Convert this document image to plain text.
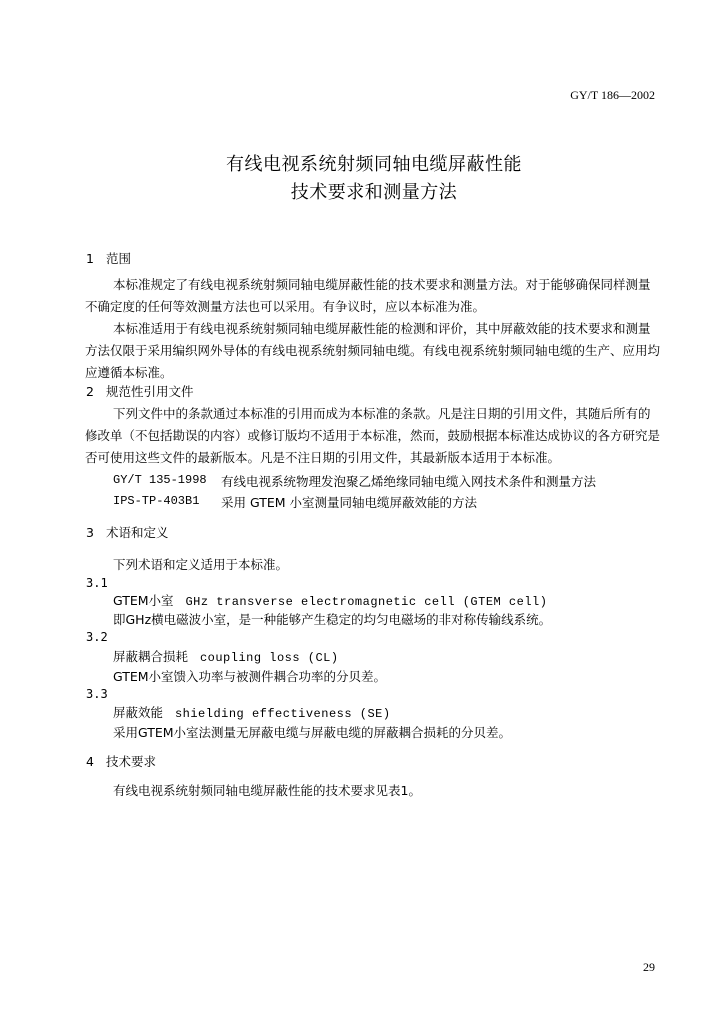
GY/T 186—2002
有线电视系统射频同轴电缆屏蔽性能
技术要求和测量方法
1 范围

本标准规定了有线电视系统射频同轴电缆屏蔽性能的技术要求和测量方法。对于能够确保同样测量不确定度的任何等效测量方法也可以采用。有争议时，应以本标准为准。

本标准适用于有线电视系统射频同轴电缆屏蔽性能的检测和评价，其中屏蔽效能的技术要求和测量方法仅限于采用编织网外导体的有线电视系统射频同轴电缆。有线电视系统射频同轴电缆的生产、应用均应遵循本标准。

2 规范性引用文件

下列文件中的条款通过本标准的引用而成为本标准的条款。凡是注日期的引用文件，其随后所有的修改单（不包括勘误的内容）或修订版均不适用于本标准，然而，鼓励根据本标准达成协议的各方研究是否可使用这些文件的最新版本。凡是不注日期的引用文件，其最新版本适用于本标准。

GY/T 135-1998 有线电视系统物理发泡聚乙烯绝缘同轴电缆入网技术条件和测量方法
IPS-TP-403B1 采用 GTEM 小室测量同轴电缆屏蔽效能的方法
3 术语和定义
下列术语和定义适用于本标准。
3.1
GTEM小室 GHz transverse electromagnetic cell (GTEM cell)
即GHz横电磁波小室，是一种能够产生稳定的均匀电磁场的非对称传输线系统。
3.2
屏蔽耦合损耗 coupling loss (CL)
GTEM小室馈入功率与被测件耦合功率的分贝差。
3.3
屏蔽效能 shielding effectiveness (SE)
采用GTEM小室法测量无屏蔽电缆与屏蔽电缆的屏蔽耦合损耗的分贝差。
4 技术要求
有线电视系统射频同轴电缆屏蔽性能的技术要求见表1。
29
